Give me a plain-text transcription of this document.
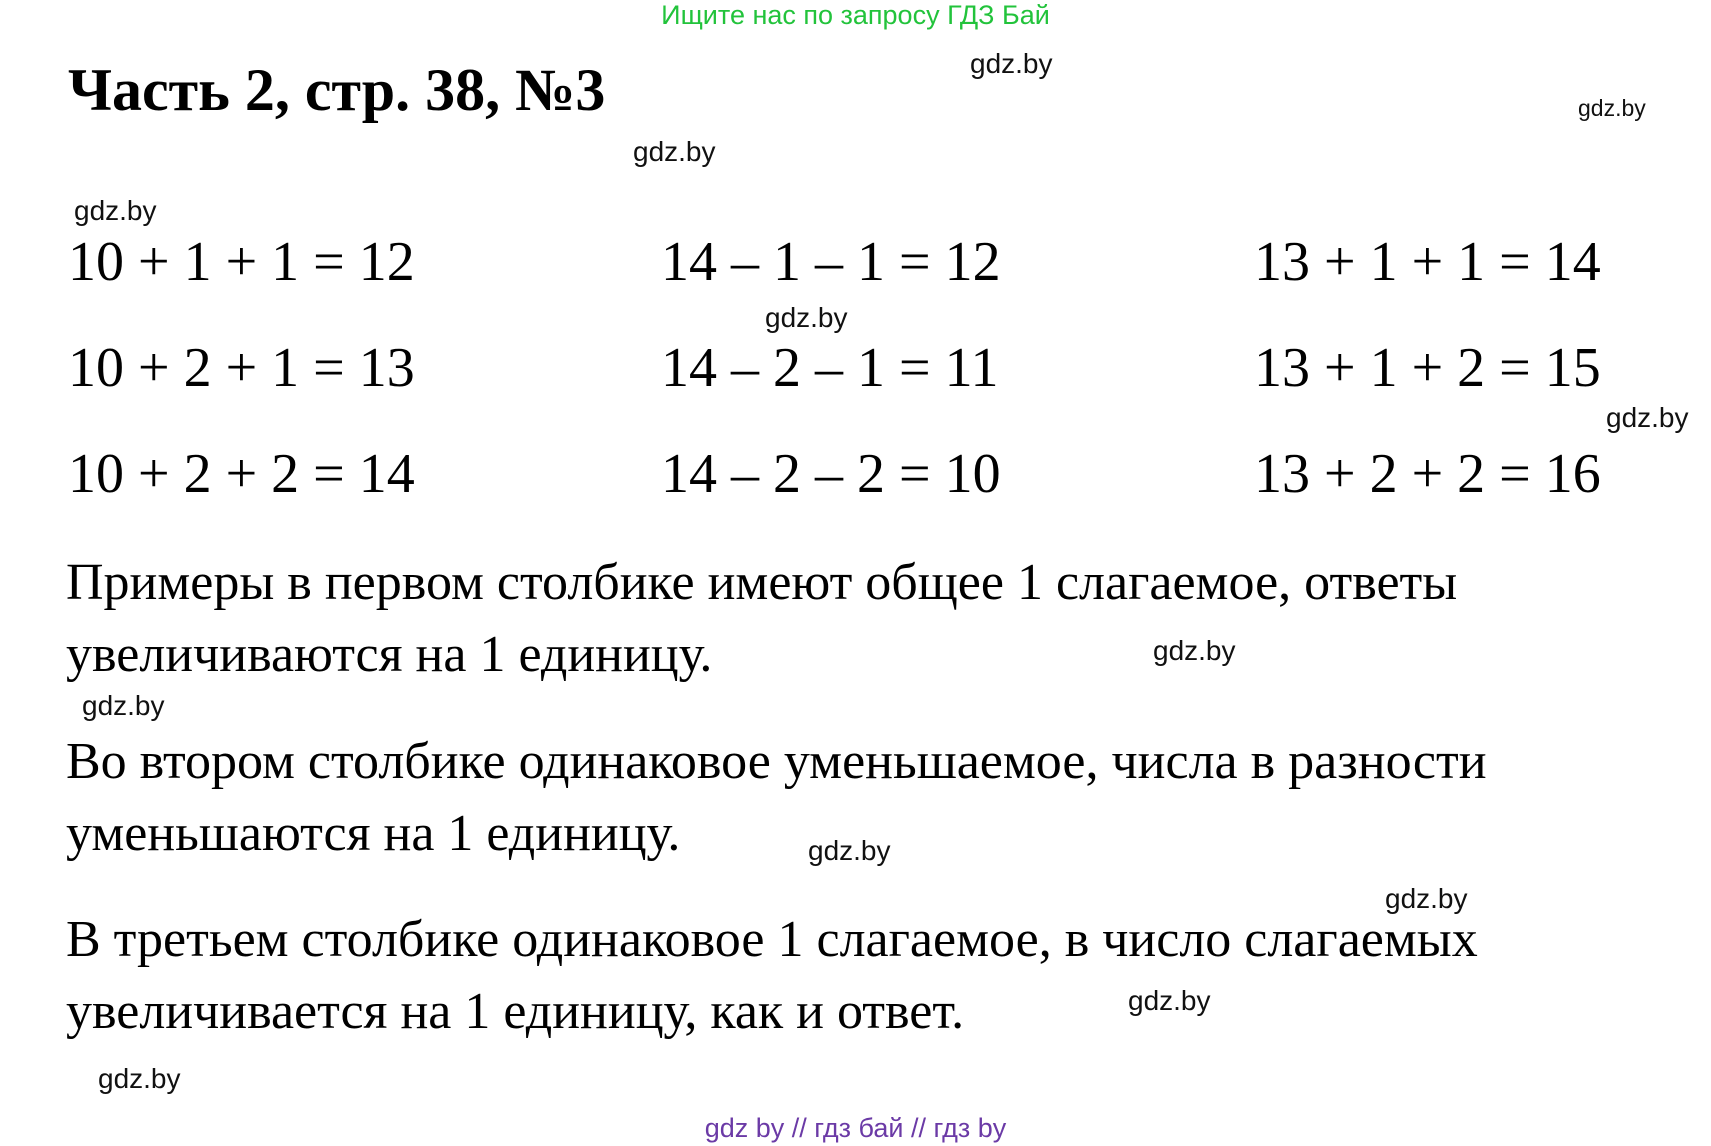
Ищите нас по запросу ГДЗ Бай
Часть 2, стр. 38, №3
10 + 1 + 1 = 12
10 + 2 + 1 = 13
10 + 2 + 2 = 14
14 – 1 – 1 = 12
14 – 2 – 1 = 11
14 – 2 – 2 = 10
13 + 1 + 1 = 14
13 + 1 + 2 = 15
13 + 2 + 2 = 16
Примеры в первом столбике имеют общее 1 слагаемое, ответы
увеличиваются на 1 единицу.
Во втором столбике одинаковое уменьшаемое, числа в разности
уменьшаются на 1 единицу.
В третьем столбике одинаковое 1 слагаемое, в число слагаемых
увеличивается на 1 единицу, как и ответ.
gdz.by
gdz.by
gdz.by
gdz.by
gdz.by
gdz.by
gdz.by
gdz.by
gdz.by
gdz.by
gdz.by
gdz.by
gdz by // гдз бай // гдз by
